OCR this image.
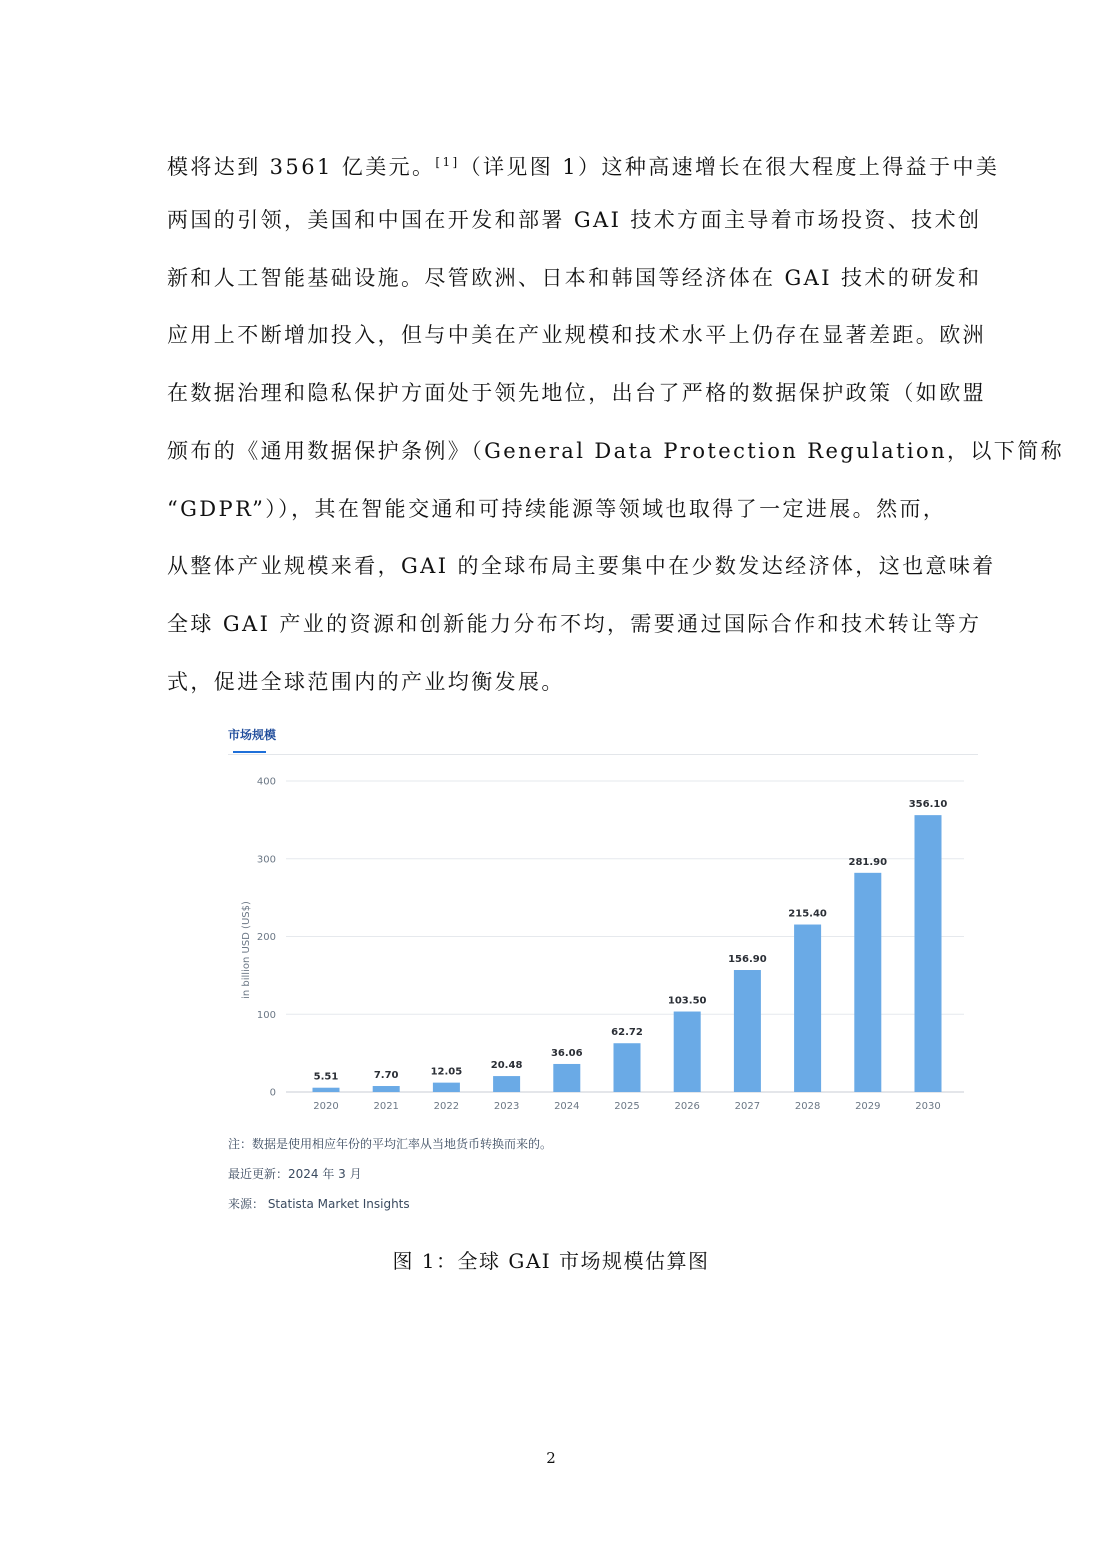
模将达到 3561 亿美元。[1]（详见图 1）这种高速增长在很大程度上得益于中美
两国的引领，美国和中国在开发和部署 GAI 技术方面主导着市场投资、技术创
新和人工智能基础设施。尽管欧洲、日本和韩国等经济体在 GAI 技术的研发和
应用上不断增加投入，但与中美在产业规模和技术水平上仍存在显著差距。欧洲
在数据治理和隐私保护方面处于领先地位，出台了严格的数据保护政策（如欧盟
颁布的《通用数据保护条例》（General Data Protection Regulation，以下简称
“GDPR”）），其在智能交通和可持续能源等领域也取得了一定进展。然而，
从整体产业规模来看，GAI 的全球布局主要集中在少数发达经济体，这也意味着
全球 GAI 产业的资源和创新能力分布不均，需要通过国际合作和技术转让等方
式，促进全球范围内的产业均衡发展。
市场规模
0
100
200
300
400
5.51
2020
7.70
2021
12.05
2022
20.48
2023
36.06
2024
62.72
2025
103.50
2026
156.90
2027
215.40
2028
281.90
2029
356.10
2030
in billion USD (US$)
注：数据是使用相应年份的平均汇率从当地货币转换而来的。
最近更新：2024 年 3 月
来源： Statista Market Insights
图 1：全球 GAI 市场规模估算图
2
